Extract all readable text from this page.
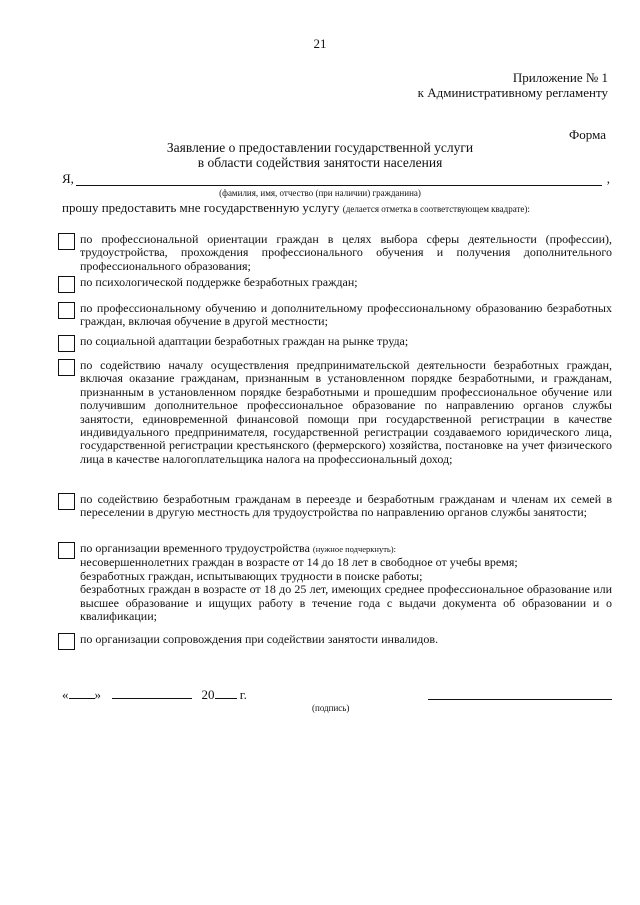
21
Приложение № 1
к Административному регламенту
Форма
Заявление о предоставлении государственной услуги
в области содействия занятости населения
Я,	,
(фамилия, имя, отчество (при наличии) гражданина)
прошу предоставить мне государственную услугу (делается отметка в соответствующем квадрате):
по профессиональной ориентации граждан в целях выбора сферы деятельности (профессии), трудоустройства, прохождения профессионального обучения и получения дополнительного профессионального образования;
по психологической поддержке безработных граждан;
по профессиональному обучению и дополнительному профессиональному образованию безработных граждан, включая обучение в другой местности;
по социальной адаптации безработных граждан на рынке труда;
по содействию началу осуществления предпринимательской деятельности безработных граждан, включая оказание гражданам, признанным в установленном порядке безработными, и гражданам, признанным в установленном порядке безработными и прошедшим профессиональное обучение или получившим дополнительное профессиональное образование по направлению органов службы занятости, единовременной финансовой помощи при государственной регистрации в качестве индивидуального предпринимателя, государственной регистрации создаваемого юридического лица, государственной регистрации крестьянского (фермерского) хозяйства, постановке на учет физического лица в качестве налогоплательщика налога на профессиональный доход;
по содействию безработным гражданам в переезде и безработным гражданам и членам их семей в переселении в другую местность для трудоустройства по направлению органов службы занятости;
по организации временного трудоустройства (нужное подчеркнуть):
несовершеннолетних граждан в возрасте от 14 до 18 лет в свободное от учебы время;
безработных граждан, испытывающих трудности в поиске работы;
безработных граждан в возрасте от 18 до 25 лет, имеющих среднее профессиональное образование или высшее образование и ищущих работу в течение года с выдачи документа об образовании и о квалификации;
по организации сопровождения при содействии занятости инвалидов.
« »	20 г.
(подпись)
